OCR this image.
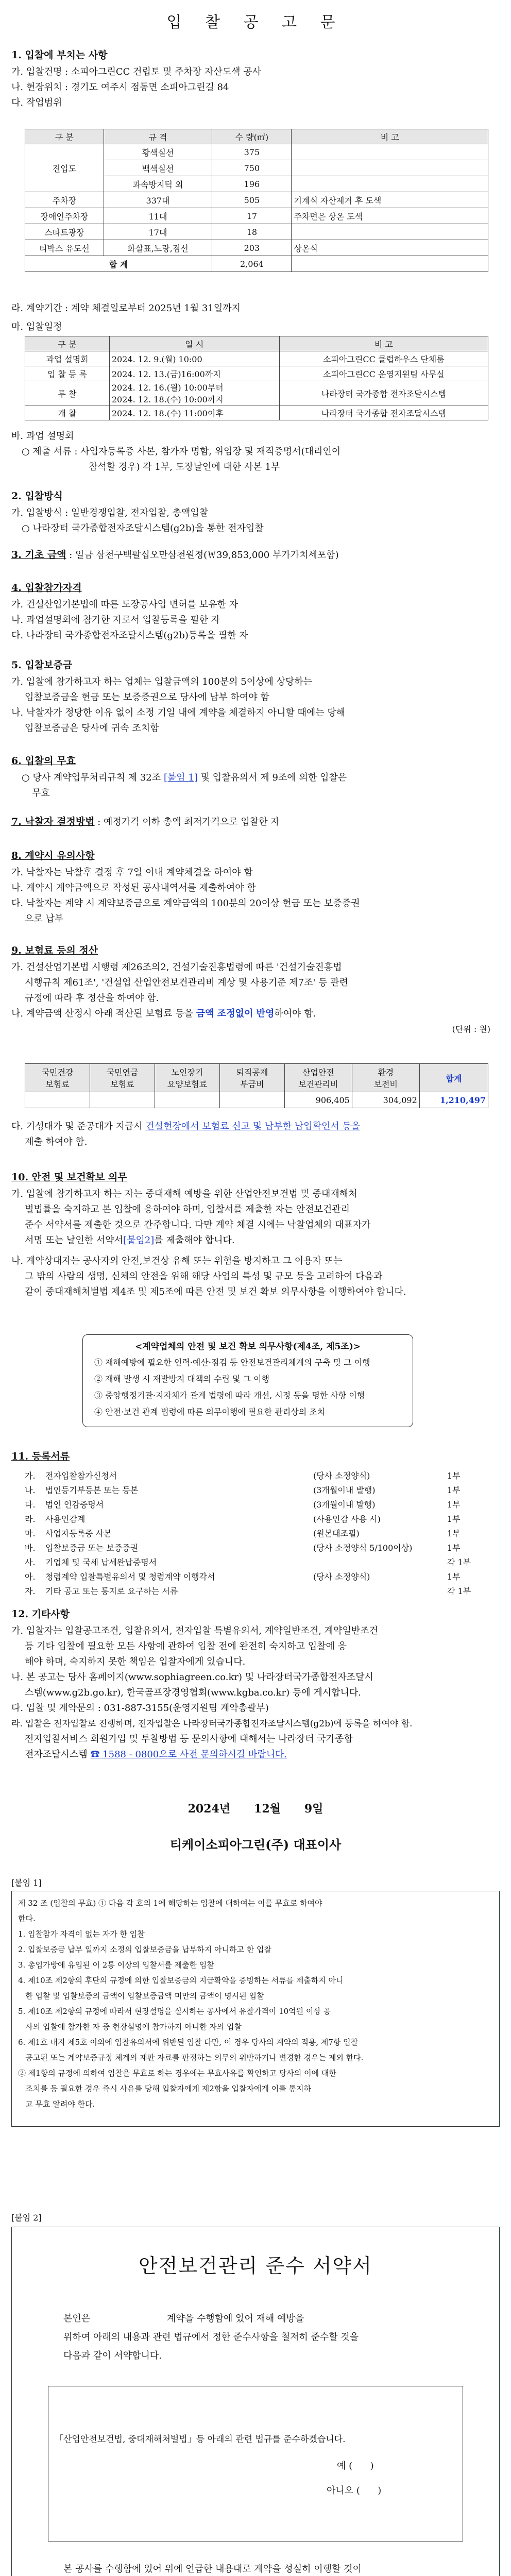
입 찰 공 고 문

1. 입찰에 부치는 사항

가. 입찰건명 : 소피아그린CC 건립토 및 주차장 자산도색 공사

나. 현장위치 : 경기도 여주시 점동면 소피아그린길 84

다. 작업범위

구 분	규 격	수 량(㎡)	비 고
진입도	황색실선	375	
	백색실선	750	
	과속방지턱 외	196	
주차장	337대	505	기계식 자산제거 후 도색
장애인주차장	11대	17	주차면은 상온 도색
스타트광장	17대	18	
티박스 유도선	화살표,노랑,점선	203	상온식
합 계		2,064	

라. 계약기간 : 계약 체결일로부터 2025년 1월 31일까지

마. 입찰일정

구 분	일 시	비 고
과업 설명회	2024. 12. 9.(월) 10:00	소피아그린CC 클럽하우스 단체룸
입 찰 등 록	2024. 12. 13.(금)16:00까지	소피아그린CC 운영지원팀 사무실
투 찰	2024. 12. 16.(월) 10:00부터
2024. 12. 18.(수) 10:00까지	나라장터 국가종합 전자조달시스템
개 찰	2024. 12. 18.(수) 11:00이후	나라장터 국가종합 전자조달시스템

바. 과업 설명회

○ 제출 서류 : 사업자등록증 사본, 참가자 명함, 위임장 및 재직증명서(대리인이

참석할 경우) 각 1부, 도장날인에 대한 사본 1부

2. 입찰방식

가. 입찰방식 : 일반경쟁입찰, 전자입찰, 총액입찰

○ 나라장터 국가종합전자조달시스템(g2b)을 통한 전자입찰

3. 기초 금액 : 일금 삼천구백팔십오만삼천원정(￦39,853,000 부가가치세포함)

4. 입찰참가자격

가. 건설산업기본법에 따른 도장공사업 면허를 보유한 자

나. 과업설명회에 참가한 자로서 입찰등록을 필한 자

다. 나라장터 국가종합전자조달시스템(g2b)등록을 필한 자

5. 입찰보증금

가. 입찰에 참가하고자 하는 업체는 입찰금액의 100분의 5이상에 상당하는

입찰보증금을 현금 또는 보증증권으로 당사에 납부 하여야 함

나. 낙찰자가 정당한 이유 없이 소정 기일 내에 계약을 체결하지 아니할 때에는 당해

입찰보증금은 당사에 귀속 조치함

6. 입찰의 무효

○ 당사 계약업무처리규칙 제 32조 [붙임 1] 및 입찰유의서 제 9조에 의한 입찰은

무효

7. 낙찰자 결정방법 : 예정가격 이하 총액 최저가격으로 입찰한 자

8. 계약시 유의사항

가. 낙찰자는 낙찰후 결정 후 7일 이내 계약체결을 하여야 함

나. 계약시 계약금액으로 작성된 공사내역서를 제출하여야 함

다. 낙찰자는 계약 시 계약보증금으로 계약금액의 100분의 20이상 현금 또는 보증증권

으로 납부

9. 보험료 등의 정산

가. 건설산업기본법 시행령 제26조의2, 건설기술진흥법령에 따른 '건설기술진흥법

시행규칙 제61조', '건설업 산업안전보건관리비 계상 및 사용기준 제7조' 등 관련

규정에 따라 후 정산을 하여야 함.

나. 계약금액 산정시 아래 적산된 보험료 등을 금액 조정없이 반영하여야 함.

(단위 : 원)

국민건강
보험료	국민연금
보험료	노인장기
요양보험료	퇴직공제
부금비	산업안전
보건관리비	환경
보전비	합계
				906,405	304,092	1,210,497

다. 기성대가 및 준공대가 지급시 건설현장에서 보험료 신고 및 납부한 납입확인서 등을

제출 하여야 함.

10. 안전 및 보건확보 의무

가. 입찰에 참가하고자 하는 자는 중대재해 예방을 위한 산업안전보건법 및 중대재해처

벌법률을 숙지하고 본 입찰에 응하여야 하며, 입찰서를 제출한 자는 안전보건관리

준수 서약서를 제출한 것으로 간주합니다. 다만 계약 체결 시에는 낙찰업체의 대표자가

서명 또는 날인한 서약서[붙임2]를 제출해야 합니다.

나. 계약상대자는 공사자의 안전,보건상 유해 또는 위험을 방지하고 그 이용자 또는

그 밖의 사람의 생명, 신체의 안전을 위해 해당 사업의 특성 및 규모 등을 고려하여 다음과

같이 중대재해처벌법 제4조 및 제5조에 따른 안전 및 보건 확보 의무사항을 이행하여야 합니다.

<계약업체의 안전 및 보건 확보 의무사항(제4조, 제5조)>

① 재해예방에 필요한 인력·예산·점검 등 안전보건관리체계의 구축 및 그 이행

② 재해 발생 시 재발방지 대책의 수립 및 그 이행

③ 중앙행정기관·지자체가 관계 법령에 따라 개선, 시정 등을 명한 사항 이행

④ 안전·보건 관계 법령에 따른 의무이행에 필요한 관리상의 조치

11. 등록서류

가. 전자입찰참가신청서	(당사 소정양식)	1부
나. 법인등기부등본 또는 등본	(3개월이내 발행)	1부
다. 법인 인감증명서	(3개월이내 발행)	1부
라. 사용인감계	(사용인감 사용 시)	1부
마. 사업자등록증 사본	(원본대조필)	1부
바. 입찰보증금 또는 보증증권	(당사 소정양식 5/100이상)	1부
사. 기업체 및 국세 납세완납증명서	각 1부
아. 청렴계약 입찰특별유의서 및 청렴계약 이행각서	(당사 소정양식)	1부
자. 기타 공고 또는 통지로 요구하는 서류	각 1부

12. 기타사항

가. 입찰자는 입찰공고조건, 입찰유의서, 전자입찰 특별유의서, 계약일반조건, 계약일반조건

등 기타 입찰에 필요한 모든 사항에 관하여 입찰 전에 완전히 숙지하고 입찰에 응

해야 하며, 숙지하지 못한 책임은 입찰자에게 있습니다.

나. 본 공고는 당사 홈페이지(www.sophiagreen.co.kr) 및 나라장터국가종합전자조달시

스템(www.g2b.go.kr), 한국골프장경영협회(www.kgba.co.kr) 등에 게시합니다.

다. 입찰 및 계약문의 : 031-887-3155(운영지원팀 계약총괄부)

라. 입찰은 전자입찰로 진행하며, 전자입찰은 나라장터국가종합전자조달시스템(g2b)에 등록을 하여야 함.

전자입찰서비스 회원가입 및 투찰방법 등 문의사항에 대해서는 나라장터 국가종합

전자조달시스템 ☎ 1588 - 0800으로 사전 문의하시길 바랍니다.

2024년      12월      9일

티케이소피아그린(주) 대표이사

[붙임 1]

제 32 조 (입찰의 무효) ① 다음 각 호의 1에 해당하는 입찰에 대하여는 이를 무효로 하여야

한다.

1. 입찰참가 자격이 없는 자가 한 입찰

2. 입찰보증금 납부 일까지 소정의 입찰보증금을 납부하지 아니하고 한 입찰

3. 총입가방에 유입된 이 2통 이상의 입찰서를 제출한 입찰

4. 제10조 제2항의 후단의 규정에 의한 입찰보증금의 지급확약을 증빙하는 서류를 제출하지 아니

한 입찰 및 입찰보증의 금액이 입찰보증금액 미만의 금액이 명시된 입찰

5. 제10조 제2항의 규정에 따라서 현장설명을 실시하는 공사에서 유찰가격이 10억원 이상 공

사의 입찰에 참가한 자 중 현장설명에 참가하지 아니한 자의 입찰

6. 제1호 내지 제5호 이외에 입찰유의서에 위반된 입찰 다만, 이 경우 당사의 계약의 적용, 제7항 입찰

공고된 또는 계약보증규정 체계의 재판 자료를 판정하는 의무의 위반하거나 변경한 경우는 제외 한다.

② 제1항의 규정에 의하여 입찰을 무효로 하는 경우에는 무효사유를 확인하고 당사의 이에 대한

조치를 등 필요한 경우 즉시 사유를 당해 입찰자에게 제2항을 입찰자에게 이를 통지하

고 무효 알려야 한다.

[붙임 2]

안전보건관리 준수 서약서

본인은                          계약을 수행함에 있어 재해 예방을

위하여 아래의 내용과 관련 법규에서 정한 준수사항을 철저히 준수할 것을

다음과 같이 서약합니다.

「산업안전보건법, 중대재해처벌법」등 아래의 관련 법규를 준수하겠습니다.

예 (      )

아니오 (      )

본 공사를 수행함에 있어 위에 언급한 내용대로 계약을 성실히 이행할 것이
